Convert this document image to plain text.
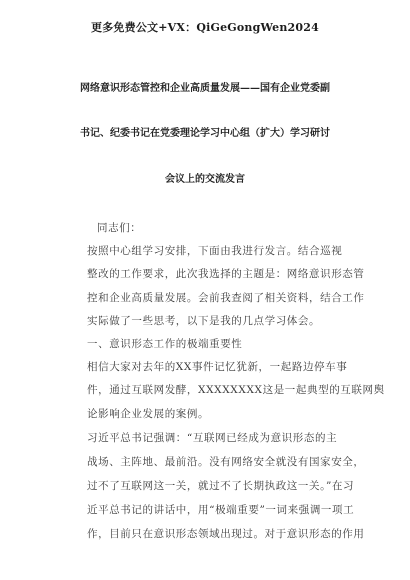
更多免费公文+VX：QiGeGongWen2024
网络意识形态管控和企业高质量发展——国有企业党委副
书记、纪委书记在党委理论学习中心组（扩大）学习研讨
会议上的交流发言
同志们：
按照中心组学习安排，下面由我进行发言。结合巡视
整改的工作要求，此次我选择的主题是：网络意识形态管
控和企业高质量发展。会前我查阅了相关资料，结合工作
实际做了一些思考，以下是我的几点学习体会。
一、意识形态工作的极端重要性
相信大家对去年的XX事件记忆犹新，一起路边停车事
件，通过互联网发酵，XXXXXXXX这是一起典型的互联网舆
论影响企业发展的案例。
习近平总书记强调：“互联网已经成为意识形态的主
战场、主阵地、最前沿。没有网络安全就没有国家安全，
过不了互联网这一关，就过不了长期执政这一关。”在习
近平总书记的讲话中，用“极端重要”一词来强调一项工
作，目前只在意识形态领域出现过。对于意识形态的作用
